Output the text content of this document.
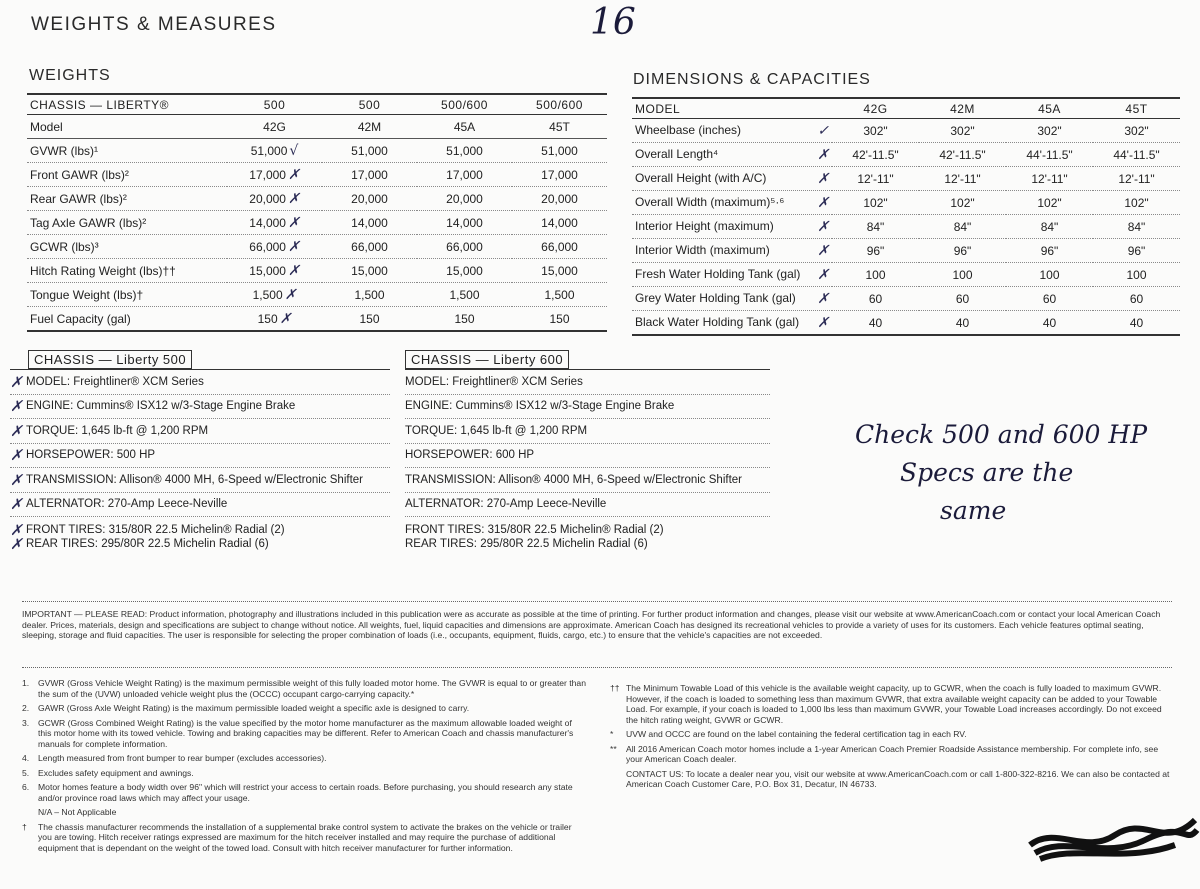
WEIGHTS & MEASURES	16
WEIGHTS
CHASSIS — LIBERTY®	500	500	500/600	500/600
Model	42G	42M	45A	45T
GVWR (lbs)¹	51,000 √	51,000	51,000	51,000
Front GAWR (lbs)²	17,000 ✗	17,000	17,000	17,000
Rear GAWR (lbs)²	20,000 ✗	20,000	20,000	20,000
Tag Axle GAWR (lbs)²	14,000 ✗	14,000	14,000	14,000
GCWR (lbs)³	66,000 ✗	66,000	66,000	66,000
Hitch Rating Weight (lbs)††	15,000 ✗	15,000	15,000	15,000
Tongue Weight (lbs)†	1,500 ✗	1,500	1,500	1,500
Fuel Capacity (gal)	150 ✗	150	150	150
DIMENSIONS & CAPACITIES
MODEL	42G	42M	45A	45T
Wheelbase (inches) ✓	302"	302"	302"	302"
Overall Length⁴ ✗	42'-11.5"	42'-11.5"	44'-11.5"	44'-11.5"
Overall Height (with A/C) ✗	12'-11"	12'-11"	12'-11"	12'-11"
Overall Width (maximum)⁵·⁶ ✗	102"	102"	102"	102"
Interior Height (maximum) ✗	84"	84"	84"	84"
Interior Width (maximum) ✗	96"	96"	96"	96"
Fresh Water Holding Tank (gal) ✗	100	100	100	100
Grey Water Holding Tank (gal) ✗	60	60	60	60
Black Water Holding Tank (gal) ✗	40	40	40	40
CHASSIS — Liberty 500
✗ MODEL: Freightliner® XCM Series
✗ ENGINE: Cummins® ISX12 w/3-Stage Engine Brake
✗ TORQUE: 1,645 lb-ft @ 1,200 RPM
✗ HORSEPOWER: 500 HP
✗ TRANSMISSION: Allison® 4000 MH, 6-Speed w/Electronic Shifter
✗ ALTERNATOR: 270-Amp Leece-Neville
✗ FRONT TIRES: 315/80R 22.5 Michelin® Radial (2)
✗ REAR TIRES: 295/80R 22.5 Michelin Radial (6)
CHASSIS — Liberty 600
MODEL: Freightliner® XCM Series
ENGINE: Cummins® ISX12 w/3-Stage Engine Brake
TORQUE: 1,645 lb-ft @ 1,200 RPM
HORSEPOWER: 600 HP
TRANSMISSION: Allison® 4000 MH, 6-Speed w/Electronic Shifter
ALTERNATOR: 270-Amp Leece-Neville
FRONT TIRES: 315/80R 22.5 Michelin® Radial (2)
REAR TIRES: 295/80R 22.5 Michelin Radial (6)
Check 500 and 600 HP
Specs are the
same
IMPORTANT — PLEASE READ: Product information, photography and illustrations included in this publication were as accurate as possible at the time of printing. For further product information and changes, please visit our website at www.AmericanCoach.com or contact your local American Coach dealer. Prices, materials, design and specifications are subject to change without notice. All weights, fuel, liquid capacities and dimensions are approximate. American Coach has designed its recreational vehicles to provide a variety of uses for its customers. Each vehicle features optimal seating, sleeping, storage and fluid capacities. The user is responsible for selecting the proper combination of loads (i.e., occupants, equipment, fluids, cargo, etc.) to ensure that the vehicle's capacities are not exceeded.
1.	GVWR (Gross Vehicle Weight Rating) is the maximum permissible weight of this fully loaded motor home. The GVWR is equal to or greater than the sum of the (UVW) unloaded vehicle weight plus the (OCCC) occupant cargo-carrying capacity.*
2.	GAWR (Gross Axle Weight Rating) is the maximum permissible loaded weight a specific axle is designed to carry.
3.	GCWR (Gross Combined Weight Rating) is the value specified by the motor home manufacturer as the maximum allowable loaded weight of this motor home with its towed vehicle. Towing and braking capacities may be different. Refer to American Coach and chassis manufacturer's manuals for complete information.
4.	Length measured from front bumper to rear bumper (excludes accessories).
5.	Excludes safety equipment and awnings.
6.	Motor homes feature a body width over 96" which will restrict your access to certain roads. Before purchasing, you should research any state and/or province road laws which may affect your usage.
N/A – Not Applicable
†	The chassis manufacturer recommends the installation of a supplemental brake control system to activate the brakes on the vehicle or trailer you are towing. Hitch receiver ratings expressed are maximum for the hitch receiver installed and may require the purchase of additional equipment that is dependant on the weight of the towed load. Consult with hitch receiver manufacturer for further information.
†† The Minimum Towable Load of this vehicle is the available weight capacity, up to GCWR, when the coach is fully loaded to maximum GVWR. However, if the coach is loaded to something less than maximum GVWR, that extra available weight capacity can be added to your Towable Load. For example, if your coach is loaded to 1,000 lbs less than maximum GVWR, your Towable Load increases accordingly. Do not exceed the hitch rating weight, GVWR or GCWR.
*	UVW and OCCC are found on the label containing the federal certification tag in each RV.
**	All 2016 American Coach motor homes include a 1-year American Coach Premier Roadside Assistance membership. For complete info, see your American Coach dealer.
CONTACT US: To locate a dealer near you, visit our website at www.AmericanCoach.com or call 1-800-322-8216. We can also be contacted at American Coach Customer Care, P.O. Box 31, Decatur, IN 46733.
